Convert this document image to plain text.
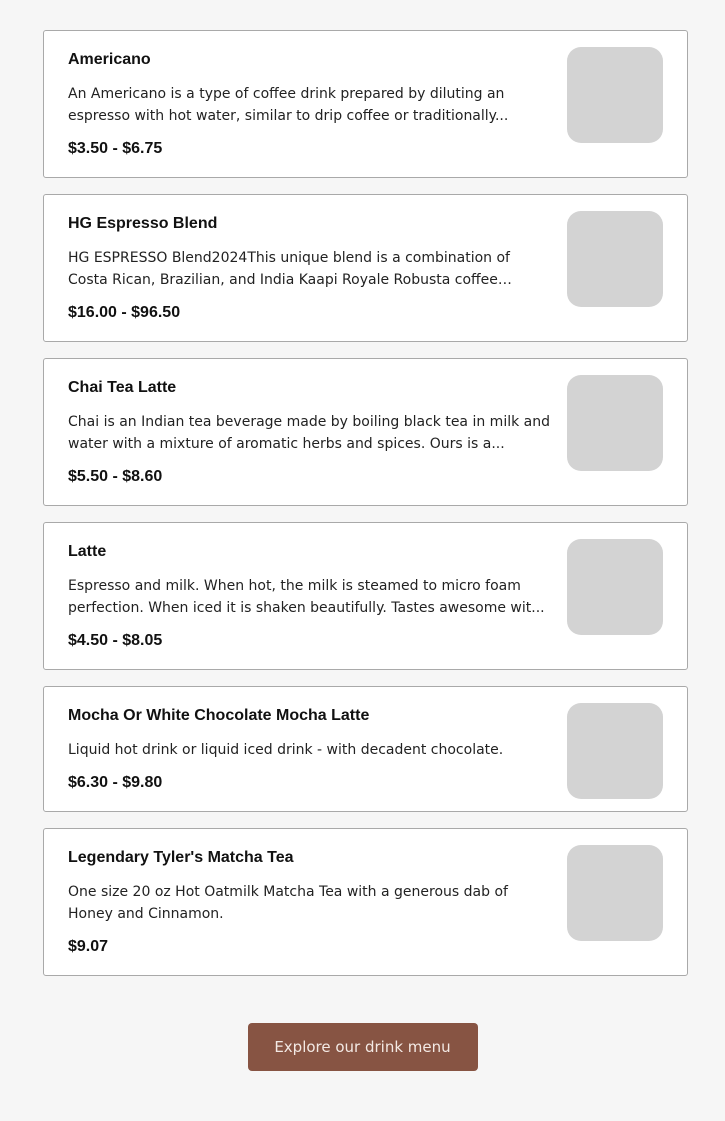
Americano
An Americano is a type of coffee drink prepared by diluting an espresso with hot water, similar to drip coffee or traditionally...
$3.50 - $6.75
HG Espresso Blend
HG ESPRESSO Blend2024This unique blend is a combination of Costa Rican, Brazilian, and India Kaapi Royale Robusta coffee
$16.00 - $96.50
Chai Tea Latte
Chai is an Indian tea beverage made by boiling black tea in milk and water with a mixture of aromatic herbs and spices. Ours is a...
$5.50 - $8.60
Latte
Espresso and milk. When hot, the milk is steamed to micro foam perfection. When iced it is shaken beautifully. Tastes awesome wit...
$4.50 - $8.05
Mocha Or White Chocolate Mocha Latte
Liquid hot drink or liquid iced drink - with decadent chocolate.
$6.30 - $9.80
Legendary Tyler's Matcha Tea
One size 20 oz Hot Oatmilk Matcha Tea with a generous dab of Honey and Cinnamon.
$9.07
Explore our drink menu
